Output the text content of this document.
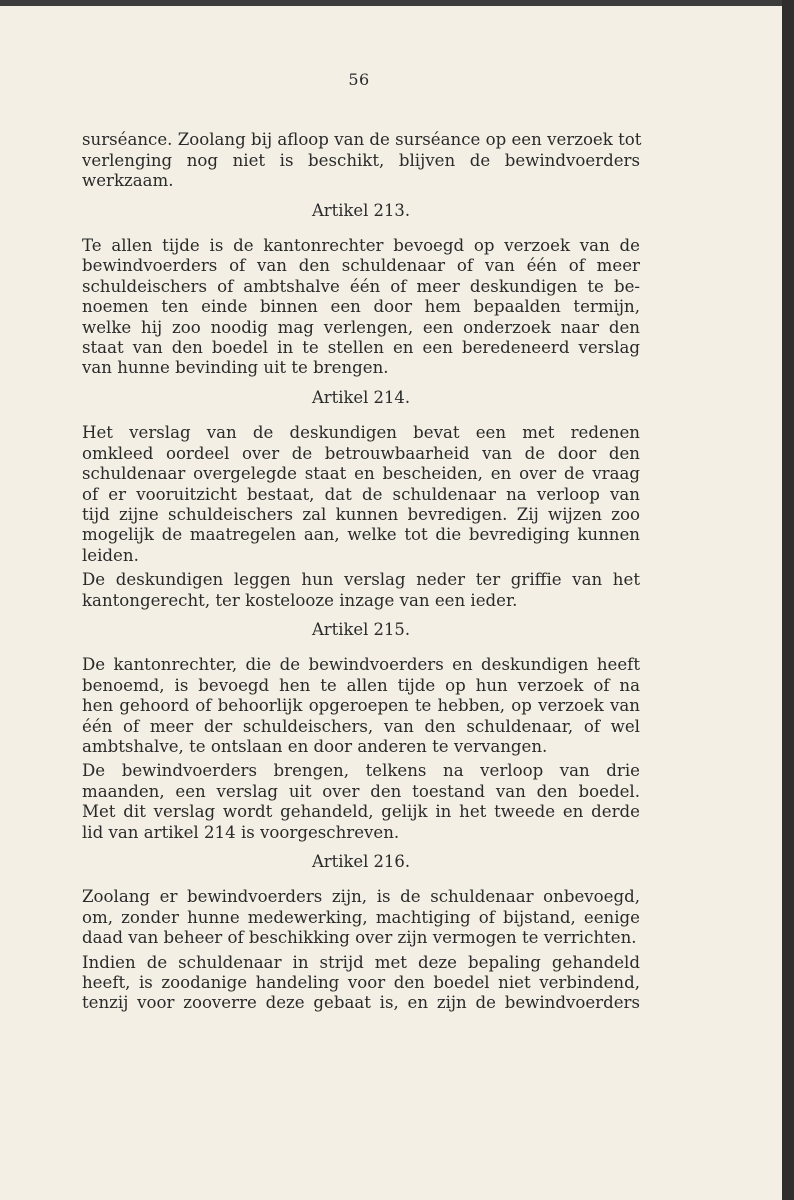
56
surséance. Zoolang bij afloop van de surséance op een verzoek tot
verlenging nog niet is beschikt, blijven de bewindvoerders
werkzaam.
Artikel 213.
Te allen tijde is de kantonrechter bevoegd op verzoek van de
bewindvoerders of van den schuldenaar of van één of meer
schuldeischers of ambtshalve één of meer deskundigen te be-
noemen ten einde binnen een door hem bepaalden termijn,
welke hij zoo noodig mag verlengen, een onderzoek naar den
staat van den boedel in te stellen en een beredeneerd verslag
van hunne bevinding uit te brengen.
Artikel 214.
Het verslag van de deskundigen bevat een met redenen
omkleed oordeel over de betrouwbaarheid van de door den
schuldenaar overgelegde staat en bescheiden, en over de vraag
of er vooruitzicht bestaat, dat de schuldenaar na verloop van
tijd zijne schuldeischers zal kunnen bevredigen. Zij wijzen zoo
mogelijk de maatregelen aan, welke tot die bevrediging kunnen
leiden.
De deskundigen leggen hun verslag neder ter griffie van het
kantongerecht, ter kostelooze inzage van een ieder.
Artikel 215.
De kantonrechter, die de bewindvoerders en deskundigen heeft
benoemd, is bevoegd hen te allen tijde op hun verzoek of na
hen gehoord of behoorlijk opgeroepen te hebben, op verzoek van
één of meer der schuldeischers, van den schuldenaar, of wel
ambtshalve, te ontslaan en door anderen te vervangen.
De bewindvoerders brengen, telkens na verloop van drie
maanden, een verslag uit over den toestand van den boedel.
Met dit verslag wordt gehandeld, gelijk in het tweede en derde
lid van artikel 214 is voorgeschreven.
Artikel 216.
Zoolang er bewindvoerders zijn, is de schuldenaar onbevoegd,
om, zonder hunne medewerking, machtiging of bijstand, eenige
daad van beheer of beschikking over zijn vermogen te verrichten.
Indien de schuldenaar in strijd met deze bepaling gehandeld
heeft, is zoodanige handeling voor den boedel niet verbindend,
tenzij voor zooverre deze gebaat is, en zijn de bewindvoerders
